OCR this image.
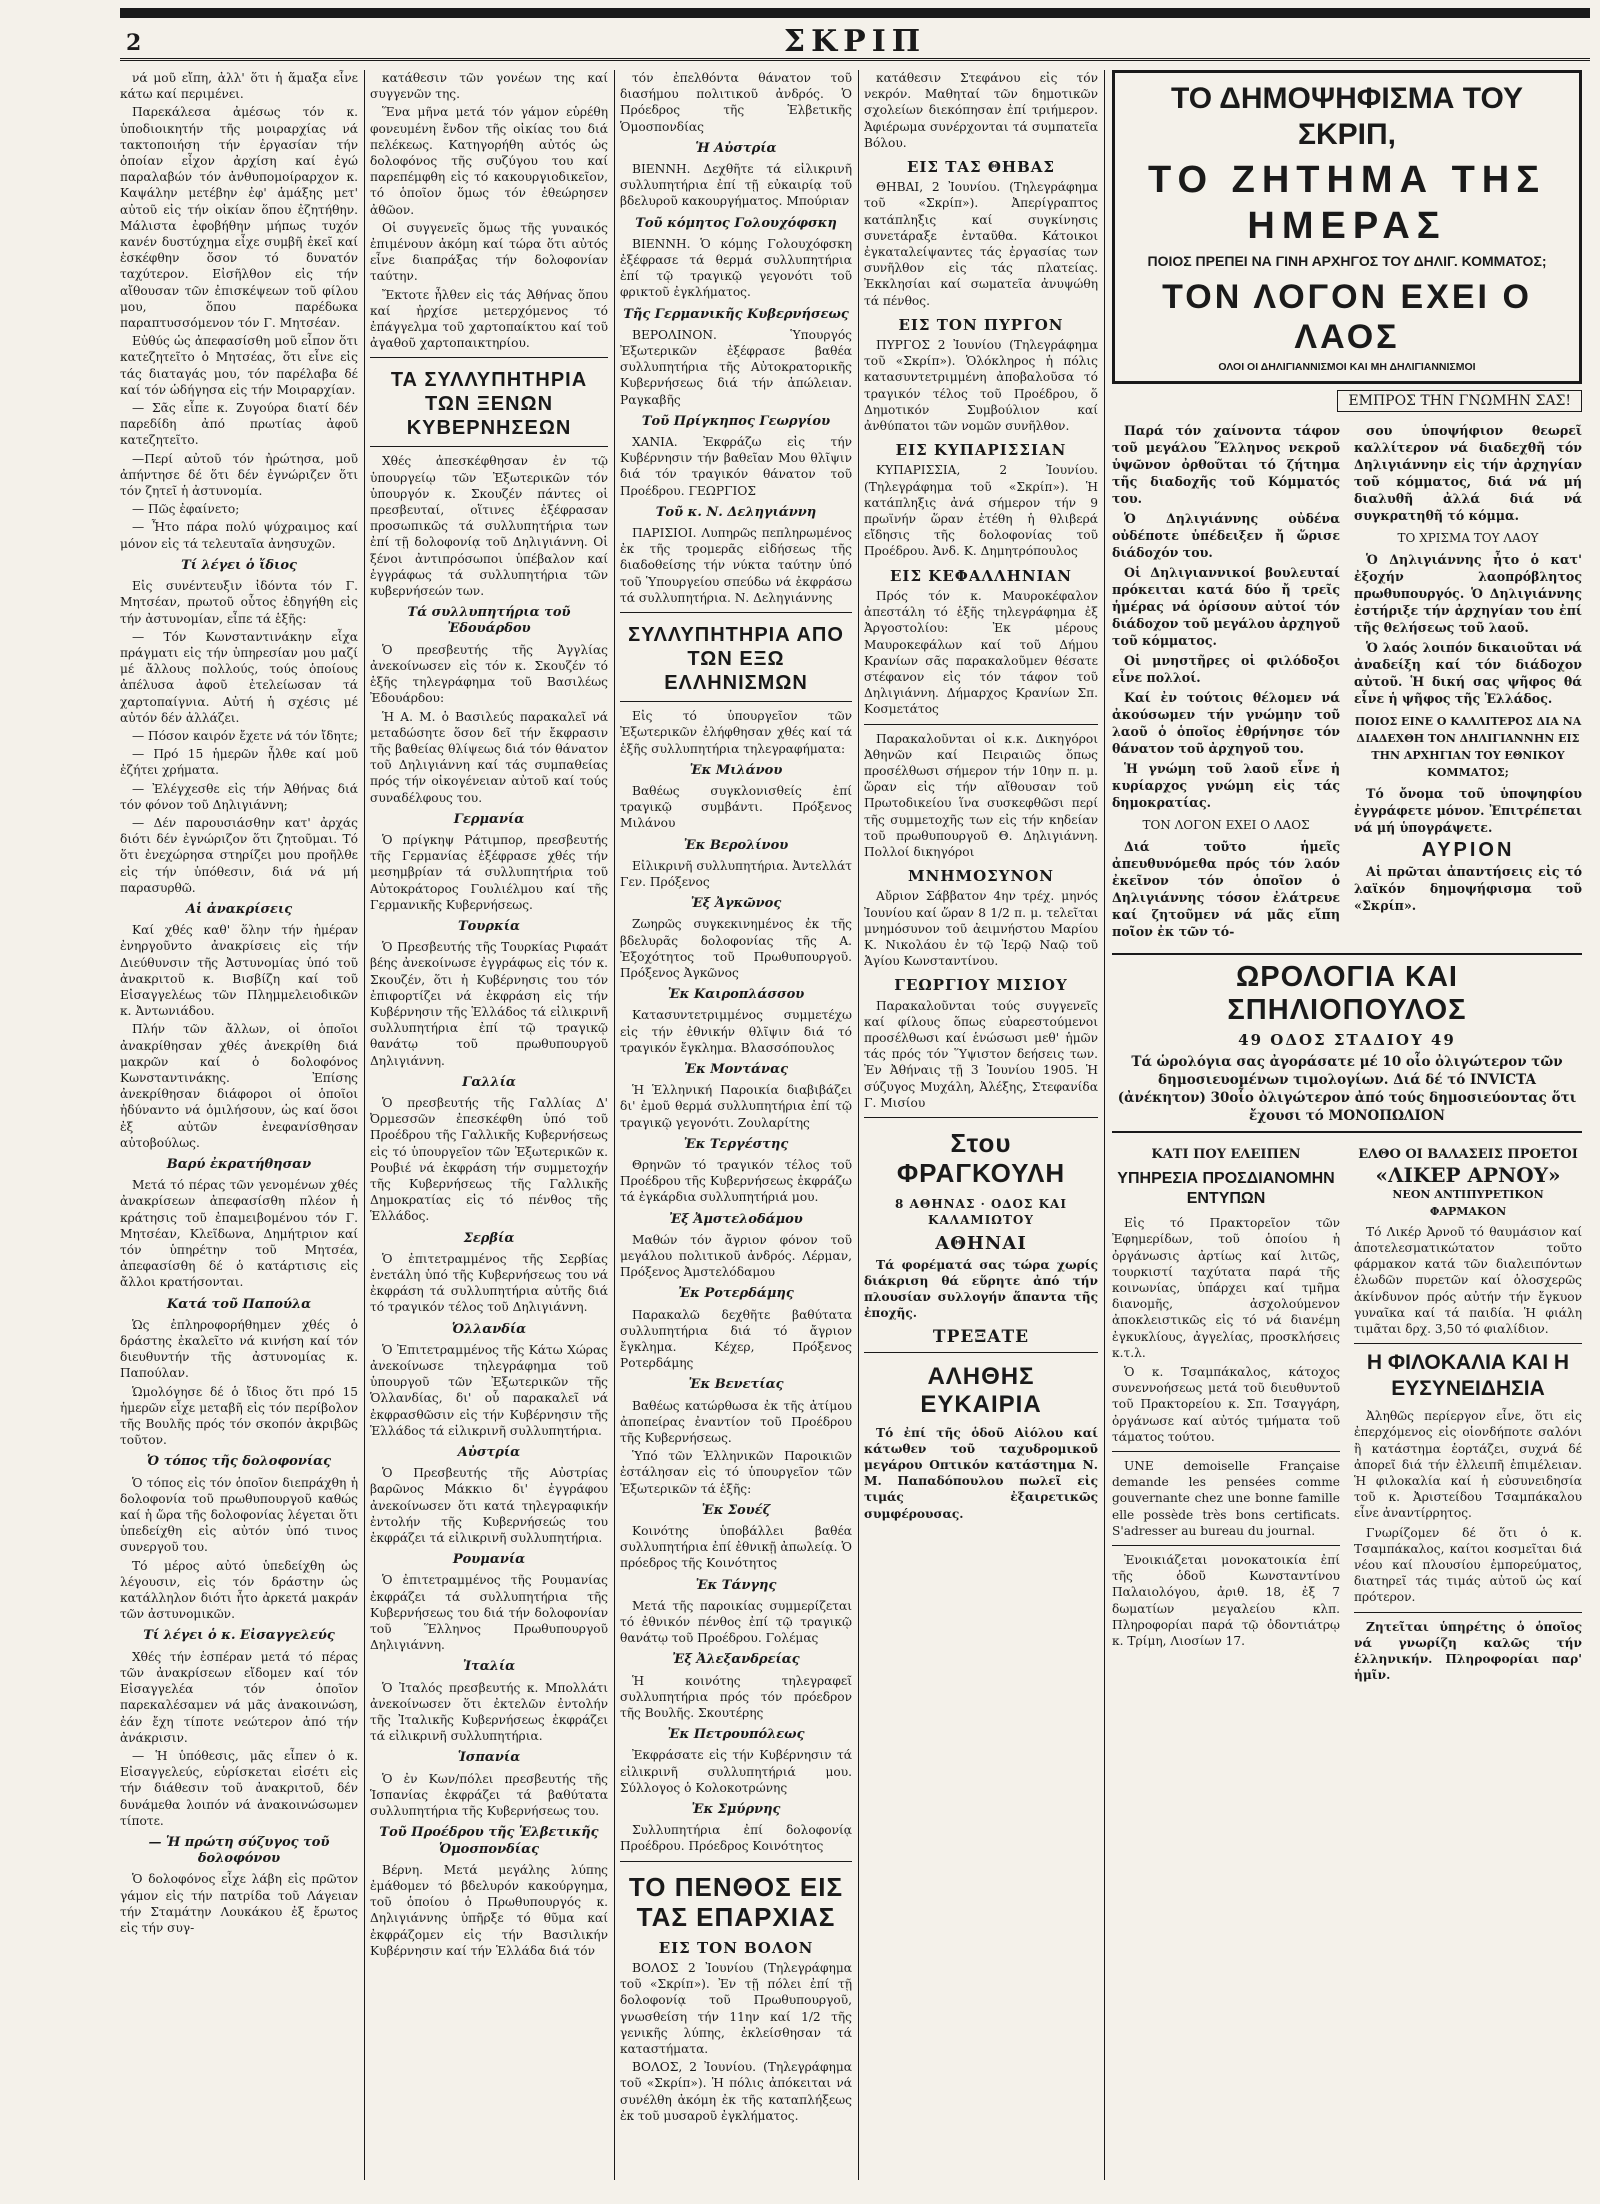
2	ΣΚΡΙΠ

νά μοῦ εἴπη, ἀλλ' ὅτι ἡ ἅμαξα εἶνε κάτω καί περιμένει.

Παρεκάλεσα ἀμέσως τόν κ. ὑποδιοικητήν τῆς μοιραρχίας νά τακτοποιήση τήν ἐργασίαν τήν ὁποίαν εἶχον ἀρχίση καί ἐγώ παραλαβών τόν ἀνθυπομοίραρχον κ. Καψάλην μετέβην ἐφ' ἁμάξης μετ' αὐτοῦ εἰς τήν οἰκίαν ὅπου ἐζητήθην. Μάλιστα ἐφοβήθην μήπως τυχόν κανέν δυστύχημα εἶχε συμβῆ ἐκεῖ καί ἐσκέφθην ὅσον τό δυνατόν ταχύτερον. Εἰσῆλθον εἰς τήν αἴθουσαν τῶν ἐπισκέψεων τοῦ φίλου μου, ὅπου παρέδωκα παραπτυσσόμενον τόν Γ. Μητσέαν.

Εὐθύς ὡς ἀπεφασίσθη μοῦ εἶπον ὅτι κατεζητεῖτο ὁ Μητσέας, ὅτι εἶνε εἰς τάς διαταγάς μου, τόν παρέλαβα δέ καί τόν ὡδήγησα εἰς τήν Μοιραρχίαν.

— Σᾶς εἶπε κ. Ζυγούρα διατί δέν παρεδίδη ἀπό πρωτίας ἀφοῦ κατεζητεῖτο.

—Περί αὐτοῦ τόν ἠρώτησα, μοῦ ἀπήντησε δέ ὅτι δέν ἐγνώριζεν ὅτι τόν ζητεῖ ἡ ἀστυνομία.

— Πῶς ἐφαίνετο;

— Ἦτο πάρα πολύ ψύχραιμος καί μόνον εἰς τά τελευταῖα ἀνησυχῶν.

Τί λέγει ὁ ἴδιος

Εἰς συνέντευξιν ἰδόντα τόν Γ. Μητσέαν, πρωτοῦ οὗτος ἐδηγήθη εἰς τήν ἀστυνομίαν, εἶπε τά ἑξῆς:

— Τόν Κωνσταντινάκην εἶχα πράγματι εἰς τήν ὑπηρεσίαν μου μαζί μέ ἄλλους πολλούς, τούς ὁποίους ἀπέλυσα ἀφοῦ ἐτελείωσαν τά χαρτοπαίγνια. Αὐτή ἡ σχέσις μέ αὐτόν δέν ἀλλάζει.

— Πόσον καιρόν ἔχετε νά τόν ἴδητε;

— Πρό 15 ἡμερῶν ἦλθε καί μοῦ ἐζήτει χρήματα.

— Ἐλέγχεσθε εἰς τήν Ἀθήνας διά τόν φόνον τοῦ Δηλιγιάννη;

— Δέν παρουσιάσθην κατ' ἀρχάς διότι δέν ἐγνώριζον ὅτι ζητοῦμαι. Τό ὅτι ἐνεχώρησα στηρίζει μου προῆλθε εἰς τήν ὑπόθεσιν, διά νά μή παρασυρθῶ.

Αἱ ἀνακρίσεις

Καί χθές καθ' ὅλην τήν ἡμέραν ἐνηργοῦντο ἀνακρίσεις εἰς τήν Διεύθυνσιν τῆς Ἀστυνομίας ὑπό τοῦ ἀνακριτοῦ κ. Βισβίζη καί τοῦ Εἰσαγγελέως τῶν Πλημμελειοδικῶν κ. Ἀντωνιάδου.

Πλήν τῶν ἄλλων, οἱ ὁποῖοι ἀνακρίθησαν χθές ἀνεκρίθη διά μακρῶν καί ὁ δολοφόνος Κωνσταντινάκης. Ἐπίσης ἀνεκρίθησαν διάφοροι οἱ ὁποῖοι ἠδύναντο νά ὁμιλήσουν, ὡς καί ὅσοι ἐξ αὐτῶν ἐνεφανίσθησαν αὐτοβούλως.

Βαρύ ἐκρατήθησαν

Μετά τό πέρας τῶν γενομένων χθές ἀνακρίσεων ἀπεφασίσθη πλέον ἡ κράτησις τοῦ ἐπαμειβομένου τόν Γ. Μητσέαν, Κλεῖδωνα, Δημήτριον καί τόν ὑπηρέτην τοῦ Μητσέα, ἀπεφασίσθη δέ ὁ κατάρτισις εἰς ἄλλοι κρατήσονται.

Κατά τοῦ Παπούλα

Ὡς ἐπληροφορήθημεν χθές ὁ δράστης ἐκαλεῖτο νά κινήση καί τόν διευθυντήν τῆς ἀστυνομίας κ. Παπούλαν.

Ὡμολόγησε δέ ὁ ἴδιος ὅτι πρό 15 ἡμερῶν εἶχε μεταβῆ εἰς τόν περίβολον τῆς Βουλῆς πρός τόν σκοπόν ἀκριβῶς τοῦτον.

Ὁ τόπος τῆς δολοφονίας

Ὁ τόπος εἰς τόν ὁποῖον διεπράχθη ἡ δολοφονία τοῦ πρωθυπουργοῦ καθώς καί ἡ ὥρα τῆς δολοφονίας λέγεται ὅτι ὑπεδείχθη εἰς αὐτόν ὑπό τινος συνεργοῦ του.

Τό μέρος αὐτό ὑπεδείχθη ὡς λέγουσιν, εἰς τόν δράστην ὡς κατάλληλον διότι ἦτο ἀρκετά μακράν τῶν ἀστυνομικῶν.

Τί λέγει ὁ κ. Εἰσαγγελεύς

Χθές τήν ἑσπέραν μετά τό πέρας τῶν ἀνακρίσεων εἴδομεν καί τόν Εἰσαγγελέα τόν ὁποῖον παρεκαλέσαμεν νά μᾶς ἀνακοινώση, ἐάν ἔχη τίποτε νεώτερον ἀπό τήν ἀνάκρισιν.

— Ἡ ὑπόθεσις, μᾶς εἶπεν ὁ κ. Εἰσαγγελεύς, εὑρίσκεται εἰσέτι εἰς τήν διάθεσιν τοῦ ἀνακριτοῦ, δέν δυνάμεθα λοιπόν νά ἀνακοινώσωμεν τίποτε.

— Ἡ πρώτη σύζυγος τοῦ δολοφόνου

Ὁ δολοφόνος εἶχε λάβη εἰς πρῶτον γάμον εἰς τήν πατρίδα τοῦ Λάγειαν τήν Σταμάτην Λουκάκου ἐξ ἔρωτος εἰς τήν συγ-

κατάθεσιν τῶν γονέων της καί συγγενῶν της.

Ἕνα μῆνα μετά τόν γάμον εὑρέθη φονευμένη ἔνδον τῆς οἰκίας του διά πελέκεως. Κατηγορήθη αὐτός ὡς δολοφόνος τῆς συζύγου του καί παρεπέμφθη εἰς τό κακουργιοδικεῖον, τό ὁποῖον ὅμως τόν ἐθεώρησεν ἀθῶον.

Οἱ συγγενεῖς ὅμως τῆς γυναικός ἐπιμένουν ἀκόμη καί τώρα ὅτι αὐτός εἶνε διαπράξας τήν δολοφονίαν ταύτην.

Ἔκτοτε ἦλθεν εἰς τάς Ἀθήνας ὅπου καί ἠρχίσε μετερχόμενος τό ἐπάγγελμα τοῦ χαρτοπαίκτου καί τοῦ ἀγαθοῦ χαρτοπαικτηρίου.

ΤΑ ΣΥΛΛΥΠΗΤΗΡΙΑ ΤΩΝ ΞΕΝΩΝ ΚΥΒΕΡΝΗΣΕΩΝ

Χθές ἀπεσκέφθησαν ἐν τῷ ὑπουργείῳ τῶν Ἐξωτερικῶν τόν ὑπουργόν κ. Σκουζέν πάντες οἱ πρεσβευταί, οἵτινες ἐξέφρασαν προσωπικῶς τά συλλυπητήρια των ἐπί τῇ δολοφονίᾳ τοῦ Δηλιγιάννη. Οἱ ξένοι ἀντιπρόσωποι ὑπέβαλον καί ἐγγράφως τά συλλυπητήρια τῶν κυβερνήσεών των.

Τά συλλυπητήρια τοῦ Ἐδουάρδου

Ὁ πρεσβευτής τῆς Ἀγγλίας ἀνεκοίνωσεν εἰς τόν κ. Σκουζέν τό ἑξῆς τηλεγράφημα τοῦ Βασιλέως Ἐδουάρδου:

Ἡ Α. Μ. ὁ Βασιλεύς παρακαλεῖ νά μεταδώσητε ὅσον δεῖ τήν ἔκφρασιν τῆς βαθείας θλίψεως διά τόν θάνατον τοῦ Δηλιγιάννη καί τάς συμπαθείας πρός τήν οἰκογένειαν αὐτοῦ καί τούς συναδέλφους του.

Γερμανία

Ὁ πρίγκηψ Ράτιμπορ, πρεσβευτής τῆς Γερμανίας ἐξέφρασε χθές τήν μεσημβρίαν τά συλλυπητήρια τοῦ Αὐτοκράτορος Γουλιέλμου καί τῆς Γερμανικῆς Κυβερνήσεως.

Τουρκία

Ὁ Πρεσβευτής τῆς Τουρκίας Ριφαάτ βέης ἀνεκοίνωσε ἐγγράφως εἰς τόν κ. Σκουζέν, ὅτι ἡ Κυβέρνησις του τόν ἐπιφορτίζει νά ἐκφράση εἰς τήν Κυβέρνησιν τῆς Ἑλλάδος τά εἰλικρινῆ συλλυπητήρια ἐπί τῷ τραγικῷ θανάτῳ τοῦ πρωθυπουργοῦ Δηλιγιάννη.

Γαλλία

Ὁ πρεσβευτής τῆς Γαλλίας Δ' Ὀρμεσσῶν ἐπεσκέφθη ὑπό τοῦ Προέδρου τῆς Γαλλικῆς Κυβερνήσεως εἰς τό ὑπουργεῖον τῶν Ἐξωτερικῶν κ. Ρουβιέ νά ἐκφράση τήν συμμετοχήν τῆς Κυβερνήσεως τῆς Γαλλικῆς Δημοκρατίας εἰς τό πένθος τῆς Ἑλλάδος.

Σερβία

Ὁ ἐπιτετραμμένος τῆς Σερβίας ἐνετάλη ὑπό τῆς Κυβερνήσεως του νά ἐκφράση τά συλλυπητήρια αὐτῆς διά τό τραγικόν τέλος τοῦ Δηλιγιάννη.

Ὁλλανδία

Ὁ Ἐπιτετραμμένος τῆς Κάτω Χώρας ἀνεκοίνωσε τηλεγράφημα τοῦ ὑπουργοῦ τῶν Ἐξωτερικῶν τῆς Ὁλλανδίας, δι' οὗ παρακαλεῖ νά ἐκφρασθῶσιν εἰς τήν Κυβέρνησιν τῆς Ἑλλάδος τά εἰλικρινῆ συλλυπητήρια.

Αὐστρία

Ὁ Πρεσβευτής τῆς Αὐστρίας βαρῶνος Μάκκιο δι' ἐγγράφου ἀνεκοίνωσεν ὅτι κατά τηλεγραφικήν ἐντολήν τῆς Κυβερνήσεώς του ἐκφράζει τά εἰλικρινῆ συλλυπητήρια.

Ρουμανία

Ὁ ἐπιτετραμμένος τῆς Ρουμανίας ἐκφράζει τά συλλυπητήρια τῆς Κυβερνήσεως του διά τήν δολοφονίαν τοῦ Ἕλληνος Πρωθυπουργοῦ Δηλιγιάννη.

Ἰταλία

Ὁ Ἰταλός πρεσβευτής κ. Μπολλάτι ἀνεκοίνωσεν ὅτι ἐκτελῶν ἐντολήν τῆς Ἰταλικῆς Κυβερνήσεως ἐκφράζει τά εἰλικρινῆ συλλυπητήρια.

Ἱσπανία

Ὁ ἐν Κων/πόλει πρεσβευτής τῆς Ἱσπανίας ἐκφράζει τά βαθύτατα συλλυπητήρια τῆς Κυβερνήσεως του.

Τοῦ Προέδρου τῆς Ἑλβετικῆς Ὁμοσπονδίας

Βέρνη. Μετά μεγάλης λύπης ἐμάθομεν τό βδελυρόν κακούργημα, τοῦ ὁποίου ὁ Πρωθυπουργός κ. Δηλιγιάννης ὑπῆρξε τό θῦμα καί ἐκφράζομεν εἰς τήν Βασιλικήν Κυβέρνησιν καί τήν Ἑλλάδα διά τόν

τόν ἐπελθόντα θάνατον τοῦ διασήμου πολιτικοῦ ἀνδρός. Ὁ Πρόεδρος τῆς Ἑλβετικῆς Ὁμοσπονδίας

Ἡ Αὐστρία

ΒΙΕΝΝΗ. Δεχθῆτε τά εἰλικρινῆ συλλυπητήρια ἐπί τῇ εὐκαιρίᾳ τοῦ βδελυροῦ κακουργήματος. Μπούριαν

Τοῦ κόμητος Γολουχόφσκη

ΒΙΕΝΝΗ. Ὁ κόμης Γολουχόφσκη ἐξέφρασε τά θερμά συλλυπητήρια ἐπί τῷ τραγικῷ γεγονότι τοῦ φρικτοῦ ἐγκλήματος.

Τῆς Γερμανικῆς Κυβερνήσεως

ΒΕΡΟΛΙΝΟΝ. Ὑπουργός Ἐξωτερικῶν ἐξέφρασε βαθέα συλλυπητήρια τῆς Αὐτοκρατορικῆς Κυβερνήσεως διά τήν ἀπώλειαν. Ραγκαβῆς

Τοῦ Πρίγκηπος Γεωργίου

ΧΑΝΙΑ. Ἐκφράζω εἰς τήν Κυβέρνησιν τήν βαθεῖαν Μου θλῖψιν διά τόν τραγικόν θάνατον τοῦ Προέδρου. ΓΕΩΡΓΙΟΣ

Τοῦ κ. Ν. Δεληγιάννη

ΠΑΡΙΣΙΟΙ. Λυπηρῶς πεπληρωμένος ἐκ τῆς τρομερᾶς εἰδήσεως τῆς διαδοθείσης τήν νύκτα ταύτην ὑπό τοῦ Ὑπουργείου σπεύδω νά ἐκφράσω τά συλλυπητήρια. Ν. Δεληγιάννης

ΣΥΛΛΥΠΗΤΗΡΙΑ ΑΠΟ ΤΩΝ ΕΞΩ ΕΛΛΗΝΙΣΜΩΝ

Εἰς τό ὑπουργεῖον τῶν Ἐξωτερικῶν ἐλήφθησαν χθές καί τά ἑξῆς συλλυπητήρια τηλεγραφήματα:

Ἐκ Μιλάνου

Βαθέως συγκλονισθείς ἐπί τραγικῷ συμβάντι. Πρόξενος Μιλάνου

Ἐκ Βερολίνου

Εἰλικρινῆ συλλυπητήρια. Ἀντελλάτ Γεν. Πρόξενος

Ἐξ Ἀγκῶνος

Ζωηρῶς συγκεκινημένος ἐκ τῆς βδελυρᾶς δολοφονίας τῆς Α. Ἐξοχότητος τοῦ Πρωθυπουργοῦ. Πρόξενος Ἀγκῶνος

Ἐκ Καιροπλάσσου

Κατασυντετριμμένος συμμετέχω εἰς τήν ἐθνικήν θλῖψιν διά τό τραγικόν ἔγκλημα. Βλασσόπουλος

Ἐκ Μοντάνας

Ἡ Ἑλληνική Παροικία διαβιβάζει δι' ἐμοῦ θερμά συλλυπητήρια ἐπί τῷ τραγικῷ γεγονότι. Ζουλαρίτης

Ἐκ Τεργέστης

Θρηνῶν τό τραγικόν τέλος τοῦ Προέδρου τῆς Κυβερνήσεως ἐκφράζω τά ἐγκάρδια συλλυπητήριά μου.

Ἐξ Ἀμστελοδάμου

Μαθών τόν ἄγριον φόνον τοῦ μεγάλου πολιτικοῦ ἀνδρός. Λέρμαν, Πρόξενος Ἀμστελόδαμου

Ἐκ Ροτερδάμης

Παρακαλῶ δεχθῆτε βαθύτατα συλλυπητήρια διά τό ἄγριον ἔγκλημα. Κέχερ, Πρόξενος Ροτερδάμης

Ἐκ Βενετίας

Βαθέως κατώρθωσα ἐκ τῆς ἀτίμου ἀποπείρας ἐναντίον τοῦ Προέδρου τῆς Κυβερνήσεως.

Ὑπό τῶν Ἑλληνικῶν Παροικιῶν ἐστάλησαν εἰς τό ὑπουργεῖον τῶν Ἐξωτερικῶν τά ἑξῆς:

Ἐκ Σουέζ

Κοινότης ὑποβάλλει βαθέα συλλυπητήρια ἐπί ἐθνικῇ ἀπωλείᾳ. Ὁ πρόεδρος τῆς Κοινότητος

Ἐκ Τάνγης

Μετά τῆς παροικίας συμμερίζεται τό ἐθνικόν πένθος ἐπί τῷ τραγικῷ θανάτῳ τοῦ Προέδρου. Γολέμας

Ἐξ Ἀλεξανδρείας

Ἡ κοινότης τηλεγραφεῖ συλλυπητήρια πρός τόν πρόεδρον τῆς Βουλῆς. Σκουτέρης

Ἐκ Πετρουπόλεως

Ἐκφράσατε εἰς τήν Κυβέρνησιν τά εἰλικρινῆ συλλυπητήριά μου. Σύλλογος ὁ Κολοκοτρώνης

Ἐκ Σμύρνης

Συλλυπητήρια ἐπί δολοφονίᾳ Προέδρου. Πρόεδρος Κοινότητος

ΤΟ ΠΕΝΘΟΣ ΕΙΣ ΤΑΣ ΕΠΑΡΧΙΑΣ
ΕΙΣ ΤΟΝ ΒΟΛΟΝ

ΒΟΛΟΣ 2 Ἰουνίου (Τηλεγράφημα τοῦ «Σκρίπ»). Ἐν τῇ πόλει ἐπί τῇ δολοφονίᾳ τοῦ Πρωθυπουργοῦ, γνωσθείση τήν 11ην καί 1/2 τῆς γενικῆς λύπης, ἐκλείσθησαν τά καταστήματα.

ΒΟΛΟΣ, 2 Ἰουνίου. (Τηλεγράφημα τοῦ «Σκρίπ»). Ἡ πόλις ἀπόκειται νά συνέλθη ἀκόμη ἐκ τῆς καταπλήξεως ἐκ τοῦ μυσαροῦ ἐγκλήματος.

κατάθεσιν Στεφάνου εἰς τόν νεκρόν. Μαθηταί τῶν δημοτικῶν σχολείων διεκόπησαν ἐπί τριήμερον. Ἀφιέρωμα συνέρχονται τά συμπατεῖα Βόλου.

ΕΙΣ ΤΑΣ ΘΗΒΑΣ

ΘΗΒΑΙ, 2 Ἰουνίου. (Τηλεγράφημα τοῦ «Σκρίπ»). Ἀπερίγραπτος κατάπληξις καί συγκίνησις συνετάραξε ἐνταῦθα. Κάτοικοι ἐγκαταλείψαντες τάς ἐργασίας των συνῆλθον εἰς τάς πλατείας. Ἐκκλησίαι καί σωματεῖα ἀνυψώθη τά πένθος.

ΕΙΣ ΤΟΝ ΠΥΡΓΟΝ

ΠΥΡΓΟΣ 2 Ἰουνίου (Τηλεγράφημα τοῦ «Σκρίπ»). Ὁλόκληρος ἡ πόλις κατασυντετριμμένη ἀποβαλοῦσα τό τραγικόν τέλος τοῦ Προέδρου, ὅ Δημοτικόν Συμβούλιον καί ἀνθύπατοι τῶν νομῶν συνῆλθον.

ΕΙΣ ΚΥΠΑΡΙΣΣΙΑΝ

ΚΥΠΑΡΙΣΣΙΑ, 2 Ἰουνίου. (Τηλεγράφημα τοῦ «Σκρίπ»). Ἡ κατάπληξις ἀνά σήμερον τήν 9 πρωϊνήν ὥραν ἐτέθη ἡ θλιβερά εἴδησις τῆς δολοφονίας τοῦ Προέδρου. Ἀνδ. Κ. Δημητρόπουλος

ΕΙΣ ΚΕΦΑΛΛΗΝΙΑΝ

Πρός τόν κ. Μαυροκέφαλον ἀπεστάλη τό ἑξῆς τηλεγράφημα ἐξ Ἀργοστολίου: Ἐκ μέρους Μαυροκεφάλων καί τοῦ Δήμου Κρανίων σᾶς παρακαλοῦμεν θέσατε στέφανον εἰς τόν τάφον τοῦ Δηλιγιάννη. Δήμαρχος Κρανίων Σπ. Κοσμετάτος

Παρακαλοῦνται οἱ κ.κ. Δικηγόροι Ἀθηνῶν καί Πειραιῶς ὅπως προσέλθωσι σήμερον τήν 10ην π. μ. ὥραν εἰς τήν αἴθουσαν τοῦ Πρωτοδικείου ἵνα συσκεφθῶσι περί τῆς συμμετοχῆς των εἰς τήν κηδείαν τοῦ πρωθυπουργοῦ Θ. Δηλιγιάννη. Πολλοί δικηγόροι

ΜΝΗΜΟΣΥΝΟΝ

Αὔριον Σάββατον 4ην τρέχ. μηνός Ἰουνίου καί ὥραν 8 1/2 π. μ. τελεῖται μνημόσυνον τοῦ ἀειμνήστου Μαρίου Κ. Νικολάου ἐν τῷ Ἱερῷ Ναῷ τοῦ Ἁγίου Κωνσταντίνου.

ΓΕΩΡΓΙΟΥ ΜΙΣΙΟΥ

Παρακαλοῦνται τούς συγγενεῖς καί φίλους ὅπως εὐαρεστούμενοι προσέλθωσι καί ἑνώσωσι μεθ' ἡμῶν τάς πρός τόν Ὕψιστον δεήσεις των. Ἐν Ἀθήναις τῇ 3 Ἰουνίου 1905. Ἡ σύζυγος Μυχάλη, Ἀλέξης, Στεφανίδα Γ. Μισίου

Στου ΦΡΑΓΚΟΥΛΗ
8 ΑΘΗΝΑΣ · Ο∆ΟΣ ΚΑΙ ΚΑΛΑΜΙΩΤΟΥ
ΑΘΗΝΑΙ

Τά φορέματά σας τώρα χωρίς διάκριση θά εὕρητε ἀπό τήν πλουσίαν συλλογήν ἅπαντα τῆς ἐποχῆς.

ΤΡΕΞΑΤΕ
ΑΛΗΘΗΣ ΕΥΚΑΙΡΙΑ

Τό ἐπί τῆς ὁδοῦ Αἰόλου καί κάτωθεν τοῦ ταχυδρομικοῦ μεγάρου Οπτικόν κατάστημα Ν. Μ. Παπαδόπουλου πωλεῖ εἰς τιμάς ἐξαιρετικῶς συμφέρουσας.

ΤΟ ΔΗΜΟΨΗΦΙΣΜΑ ΤΟΥ ΣΚΡΙΠ,
ΤΟ ΖΗΤΗΜΑ ΤΗΣ ΗΜΕΡΑΣ
ΠΟΙΟΣ ΠΡΕΠΕΙ ΝΑ ΓΙΝΗ ΑΡΧΗΓΟΣ ΤΟΥ ΔΗΛΙΓ. ΚΟΜΜΑΤΟΣ;
ΤΟΝ ΛΟΓΟΝ ΕΧΕΙ Ο ΛΑΟΣ
ΟΛΟΙ ΟΙ ΔΗΛΙΓΙΑΝΝΙΣΜΟΙ ΚΑΙ ΜΗ ΔΗΛΙΓΙΑΝΝΙΣΜΟΙ
ΕΜΠΡΟΣ ΤΗΝ ΓΝΩΜΗΝ ΣΑΣ!

Παρά τόν χαίνοντα τάφον τοῦ μεγάλου Ἕλληνος νεκροῦ ὑψῶνον ὀρθοῦται τό ζήτημα τῆς διαδοχῆς τοῦ Κόμματός του.

Ὁ Δηλιγιάννης οὐδένα οὐδέποτε ὑπέδειξεν ἤ ὥρισε διάδοχόν του.

Οἱ Δηλιγιαννικοί βουλευταί πρόκειται κατά δύο ἤ τρεῖς ἡμέρας νά ὁρίσουν αὐτοί τόν διάδοχον τοῦ μεγάλου ἀρχηγοῦ τοῦ κόμματος.

Οἱ μνηστῆρες οἱ φιλόδοξοι εἶνε πολλοί.

Καί ἐν τούτοις θέλομεν νά ἀκούσωμεν τήν γνώμην τοῦ λαοῦ ὁ ὁποῖος ἐθρήνησε τόν θάνατον τοῦ ἀρχηγοῦ του.

Ἡ γνώμη τοῦ λαοῦ εἶνε ἡ κυρίαρχος γνώμη εἰς τάς δημοκρατίας.

ΤΟΝ ΛΟΓΟΝ ΕΧΕΙ Ο ΛΑΟΣ

Διά τοῦτο ἡμεῖς ἀπευθυνόμεθα πρός τόν λαόν ἐκεῖνον τόν ὁποῖον ὁ Δηλιγιάννης τόσον ἐλάτρευε καί ζητοῦμεν νά μᾶς εἴπη ποῖον ἐκ τῶν τό-

σου ὑποψήφιον θεωρεῖ καλλίτερον νά διαδεχθῆ τόν Δηλιγιάννην εἰς τήν ἀρχηγίαν τοῦ κόμματος, διά νά μή διαλυθῆ ἀλλά διά νά συγκρατηθῆ τό κόμμα.

ΤΟ ΧΡΙΣΜΑ ΤΟΥ ΛΑΟΥ

Ὁ Δηλιγιάννης ἦτο ὁ κατ' ἐξοχήν λαοπρόβλητος πρωθυπουργός. Ὁ Δηλιγιάννης ἐστήριξε τήν ἀρχηγίαν του ἐπί τῆς θελήσεως τοῦ λαοῦ.

Ὁ λαός λοιπόν δικαιοῦται νά ἀναδείξη καί τόν διάδοχον αὐτοῦ. Ἡ δική σας ψῆφος θά εἶνε ἡ ψῆφος τῆς Ἑλλάδος.

ΠΟΙΟΣ ΕΙΝΕ Ο ΚΑΛΛΙΤΕΡΟΣ ΔΙΑ ΝΑ ΔΙΑΔΕΧΘΗ ΤΟΝ ΔΗΛΙΓΙΑΝΝΗΝ ΕΙΣ ΤΗΝ ΑΡΧΗΓΙΑΝ ΤΟΥ ΕΘΝΙΚΟΥ ΚΟΜΜΑΤΟΣ;

Τό ὄνομα τοῦ ὑποψηφίου ἐγγράφετε μόνον. Ἐπιτρέπεται νά μή ὑπογράψετε.

ΑΥΡΙΟΝ

Αἱ πρῶται ἀπαντήσεις εἰς τό λαϊκόν δημοψήφισμα τοῦ «Σκρίπ».

ΩΡΟΛΟΓΙΑ ΚΑΙ ΣΠΗΛΙΟΠΟΥΛΟΣ
49 ΟΔΟΣ ΣΤΑΔΙΟΥ 49
Τά ὡρολόγια σας ἀγοράσατε μέ 10 οἷο ὀλιγώτερον τῶν δημοσιευομένων τιμολογίων. Διά δέ τό INVICTA (ἀνέκητον) 30οἷο ὀλιγώτερον ἀπό τούς δημοσιεύοντας ὅτι ἔχουσι τό ΜΟΝΟΠΩΛΙΟΝ
ΚΑΤΙ ΠΟΥ ΕΛΕΙΠΕΝ
ΥΠΗΡΕΣΙΑ ΠΡΟΣΔΙΑΝΟΜΗΝ ΕΝΤΥΠΩΝ

Εἰς τό Πρακτορεῖον τῶν Ἐφημερίδων, τοῦ ὁποίου ἡ ὀργάνωσις ἀρτίως καί λιτῶς, τουρκιστί ταχύτατα παρά τῆς κοινωνίας, ὑπάρχει καί τμῆμα διανομῆς, ἀσχολούμενον ἀποκλειστικῶς εἰς τό νά διανέμη ἐγκυκλίους, ἀγγελίας, προσκλήσεις κ.τ.λ.

Ὁ κ. Τσαμπάκαλος, κάτοχος συνεννοήσεως μετά τοῦ διευθυντοῦ τοῦ Πρακτορείου κ. Σπ. Τσαγγάρη, ὀργάνωσε καί αὐτός τμήματα τοῦ τάματος τούτου.

UNE demoiselle Française demande les pensées comme gouvernante chez une bonne famille elle possède très bons certificats. S'adresser au bureau du journal.

Ἐνοικιάζεται μονοκατοικία ἐπί τῆς ὁδοῦ Κωνσταντίνου Παλαιολόγου, ἀριθ. 18, ἐξ 7 δωματίων μεγαλείου κλπ. Πληροφορίαι παρά τῷ ὀδοντιάτρῳ κ. Τρίμη, Λιοσίων 17.

ΕΛΘΟ ΟΙ ΒΑΛΑΣΕΙΣ ΠΡΟΕΤΟΙ
«ΛΙΚΕΡ ΑΡΝΟΥ»
ΝΕΟΝ ΑΝΤΙΠΥΡΕΤΙΚΟΝ ΦΑΡΜΑΚΟΝ

Τό Λικέρ Ἀρνοῦ τό θαυμάσιον καί ἀποτελεσματικώτατον τοῦτο φάρμακον κατά τῶν διαλειπόντων ἑλωδῶν πυρετῶν καί ὁλοσχερῶς ἀκίνδυνον πρός αὐτήν τήν ἔγκυον γυναῖκα καί τά παιδία. Ἡ φιάλη τιμᾶται δρχ. 3,50 τό φιαλίδιον.

Η ΦΙΛΟΚΑΛΙΑ ΚΑΙ Η ΕΥΣΥΝΕΙΔΗΣΙΑ

Ἀληθῶς περίεργον εἶνε, ὅτι εἰς ἐπερχόμενος εἰς οἱονδήποτε σαλόνι ἢ κατάστημα ἑορτάζει, συχνά δέ ἀπορεῖ διά τήν ἐλλειπῆ ἐπιμέλειαν. Ἡ φιλοκαλία καί ἡ εὐσυνειδησία τοῦ κ. Ἀριστείδου Τσαμπάκαλου εἶνε ἀναντίρρητος.

Γνωρίζομεν δέ ὅτι ὁ κ. Τσαμπάκαλος, καίτοι κοσμεῖται διά νέου καί πλουσίου ἐμπορεύματος, διατηρεῖ τάς τιμάς αὐτοῦ ὡς καί πρότερον.

Ζητεῖται ὑπηρέτης ὁ ὁποῖος νά γνωρίζη καλῶς τήν ἑλληνικήν. Πληροφορίαι παρ' ἡμῖν.
